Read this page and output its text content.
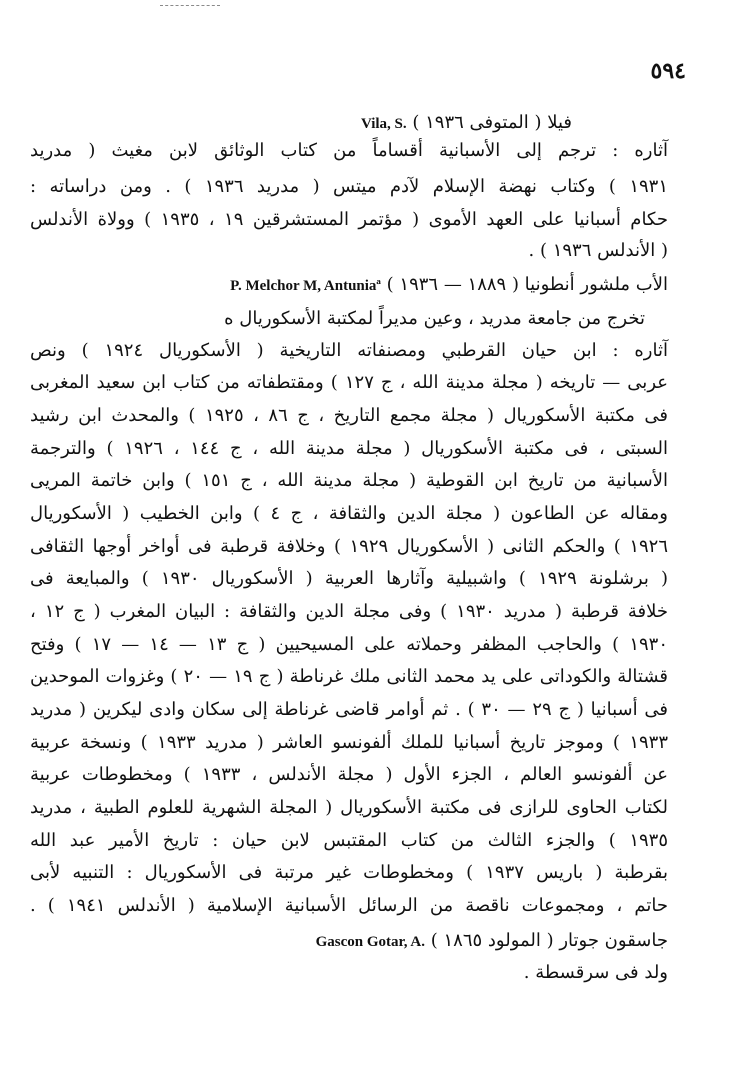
٥٩٤
فيلا ( المتوفى ١٩٣٦ ) Vila, S.
آثاره : ترجم إلى الأسبانية أقساماً من كتاب الوثائق لابن مغيث ( مدريد
١٩٣١ ) وكتاب نهضة الإسلام لآدم ميتس ( مدريد ١٩٣٦ ) . ومن دراساته :
حكام أسبانيا على العهد الأموى ( مؤتمر المستشرقين ١٩ ، ١٩٣٥ ) وولاة الأندلس
( الأندلس ١٩٣٦ ) .
الأب ملشور أنطونيا ( ١٨٨٩ — ١٩٣٦ ) P. Melchor M, Antuniaª
تخرج من جامعة مدريد ، وعين مديراً لمكتبة الأسكوريال ه
آثاره : ابن حيان القرطبي ومصنفاته التاريخية ( الأسكوريال ١٩٢٤ ) ونص
عربى — تاريخه ( مجلة مدينة الله ، ج ١٢٧ ) ومقتطفاته من كتاب ابن سعيد المغربى
فى مكتبة الأسكوريال ( مجلة مجمع التاريخ ، ج ٨٦ ، ١٩٢٥ ) والمحدث ابن رشيد
السبتى ، فى مكتبة الأسكوريال ( مجلة مدينة الله ، ج ١٤٤ ، ١٩٢٦ ) والترجمة
الأسبانية من تاريخ ابن القوطية ( مجلة مدينة الله ، ج ١٥١ ) وابن خاتمة المريى
ومقاله عن الطاعون ( مجلة الدين والثقافة ، ج ٤ ) وابن الخطيب ( الأسكوريال
١٩٢٦ ) والحكم الثانى ( الأسكوريال ١٩٢٩ ) وخلافة قرطبة فى أواخر أوجها الثقافى
( برشلونة ١٩٢٩ ) واشبيلية وآثارها العربية ( الأسكوريال ١٩٣٠ ) والمبايعة فى
خلافة قرطبة ( مدريد ١٩٣٠ ) وفى مجلة الدين والثقافة : البيان المغرب ( ج ١٢ ،
١٩٣٠ ) والحاجب المظفر وحملاته على المسيحيين ( ج ١٣ — ١٤ — ١٧ ) وفتح
قشتالة والكوداتى على يد محمد الثانى ملك غرناطة ( ج ١٩ — ٢٠ ) وغزوات الموحدين
فى أسبانيا ( ج ٢٩ — ٣٠ ) . ثم أوامر قاضى غرناطة إلى سكان وادى ليكرين ( مدريد
١٩٣٣ ) وموجز تاريخ أسبانيا للملك ألفونسو العاشر ( مدريد ١٩٣٣ ) ونسخة عربية
عن ألفونسو العالم ، الجزء الأول ( مجلة الأندلس ، ١٩٣٣ ) ومخطوطات عربية
لكتاب الحاوى للرازى فى مكتبة الأسكوريال ( المجلة الشهرية للعلوم الطبية ، مدريد
١٩٣٥ ) والجزء الثالث من كتاب المقتبس لابن حيان : تاريخ الأمير عبد الله
بقرطبة ( باريس ١٩٣٧ ) ومخطوطات غير مرتبة فى الأسكوريال : التنبيه لأبى
حاتم ، ومجموعات ناقصة من الرسائل الأسبانية الإسلامية ( الأندلس ١٩٤١ ) .
جاسقون جوتار ( المولود ١٨٦٥ ) Gascon Gotar, A.
ولد فى سرقسطة .
